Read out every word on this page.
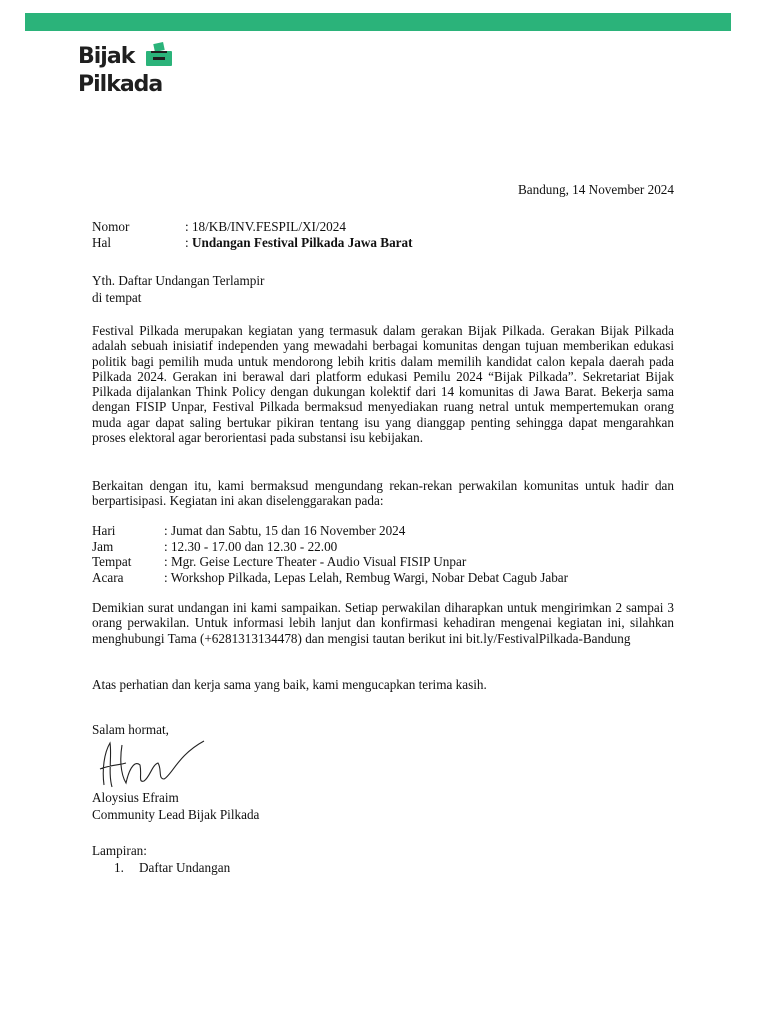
Bijak
Pilkada
Bandung, 14 November 2024
Nomor	: 18/KB/INV.FESPIL/XI/2024
Hal	: Undangan Festival Pilkada Jawa Barat
Yth. Daftar Undangan Terlampir
di tempat

Festival Pilkada merupakan kegiatan yang termasuk dalam gerakan Bijak Pilkada. Gerakan Bijak Pilkada adalah sebuah inisiatif independen yang mewadahi berbagai komunitas dengan tujuan memberikan edukasi politik bagi pemilih muda untuk mendorong lebih kritis dalam memilih kandidat calon kepala daerah pada Pilkada 2024. Gerakan ini berawal dari platform edukasi Pemilu 2024 “Bijak Pilkada”. Sekretariat Bijak Pilkada dijalankan Think Policy dengan dukungan kolektif dari 14 komunitas di Jawa Barat. Bekerja sama dengan FISIP Unpar, Festival Pilkada bermaksud menyediakan ruang netral untuk mempertemukan orang muda agar dapat saling bertukar pikiran tentang isu yang dianggap penting sehingga dapat mengarahkan proses elektoral agar berorientasi pada substansi isu kebijakan.

Berkaitan dengan itu, kami bermaksud mengundang rekan-rekan perwakilan komunitas untuk hadir dan berpartisipasi. Kegiatan ini akan diselenggarakan pada:

Hari	: Jumat dan Sabtu, 15 dan 16 November 2024
Jam	: 12.30 - 17.00 dan 12.30 - 22.00
Tempat : Mgr. Geise Lecture Theater - Audio Visual FISIP Unpar
Acara	: Workshop Pilkada, Lepas Lelah, Rembug Wargi, Nobar Debat Cagub Jabar

Demikian surat undangan ini kami sampaikan. Setiap perwakilan diharapkan untuk mengirimkan 2 sampai 3 orang perwakilan. Untuk informasi lebih lanjut dan konfirmasi kehadiran mengenai kegiatan ini, silahkan menghubungi Tama (+6281313134478) dan mengisi tautan berikut ini bit.ly/FestivalPilkada-Bandung

Atas perhatian dan kerja sama yang baik, kami mengucapkan terima kasih.

Salam hormat,
Aloysius Efraim
Community Lead Bijak Pilkada
Lampiran:
1. Daftar Undangan
